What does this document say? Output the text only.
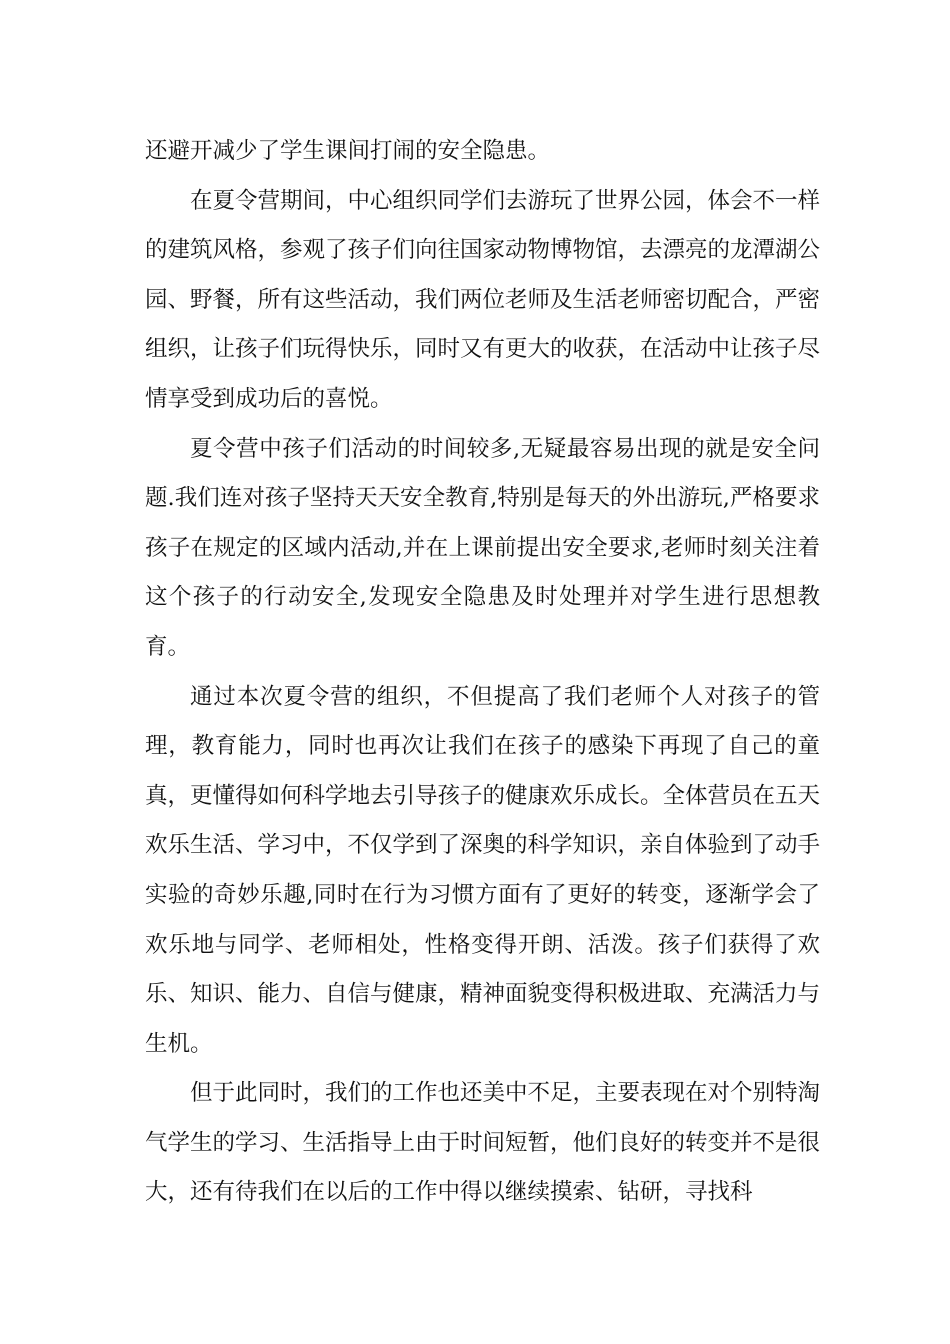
还避开减少了学生课间打闹的安全隐患。

在夏令营期间，中心组织同学们去游玩了世界公园，体会不一样的建筑风格，参观了孩子们向往国家动物博物馆，去漂亮的龙潭湖公园、野餐，所有这些活动，我们两位老师及生活老师密切配合，严密组织，让孩子们玩得快乐，同时又有更大的收获，在活动中让孩子尽情享受到成功后的喜悦。

夏令营中孩子们活动的时间较多,无疑最容易出现的就是安全问题.我们连对孩子坚持天天安全教育,特别是每天的外出游玩,严格要求孩子在规定的区域内活动,并在上课前提出安全要求,老师时刻关注着这个孩子的行动安全,发现安全隐患及时处理并对学生进行思想教育。

通过本次夏令营的组织，不但提高了我们老师个人对孩子的管理，教育能力，同时也再次让我们在孩子的感染下再现了自己的童真，更懂得如何科学地去引导孩子的健康欢乐成长。全体营员在五天欢乐生活、学习中，不仅学到了深奥的科学知识，亲自体验到了动手实验的奇妙乐趣,同时在行为习惯方面有了更好的转变，逐渐学会了欢乐地与同学、老师相处，性格变得开朗、活泼。孩子们获得了欢乐、知识、能力、自信与健康，精神面貌变得积极进取、充满活力与生机。

但于此同时，我们的工作也还美中不足，主要表现在对个别特淘气学生的学习、生活指导上由于时间短暂，他们良好的转变并不是很大，还有待我们在以后的工作中得以继续摸索、钻研，寻找科
